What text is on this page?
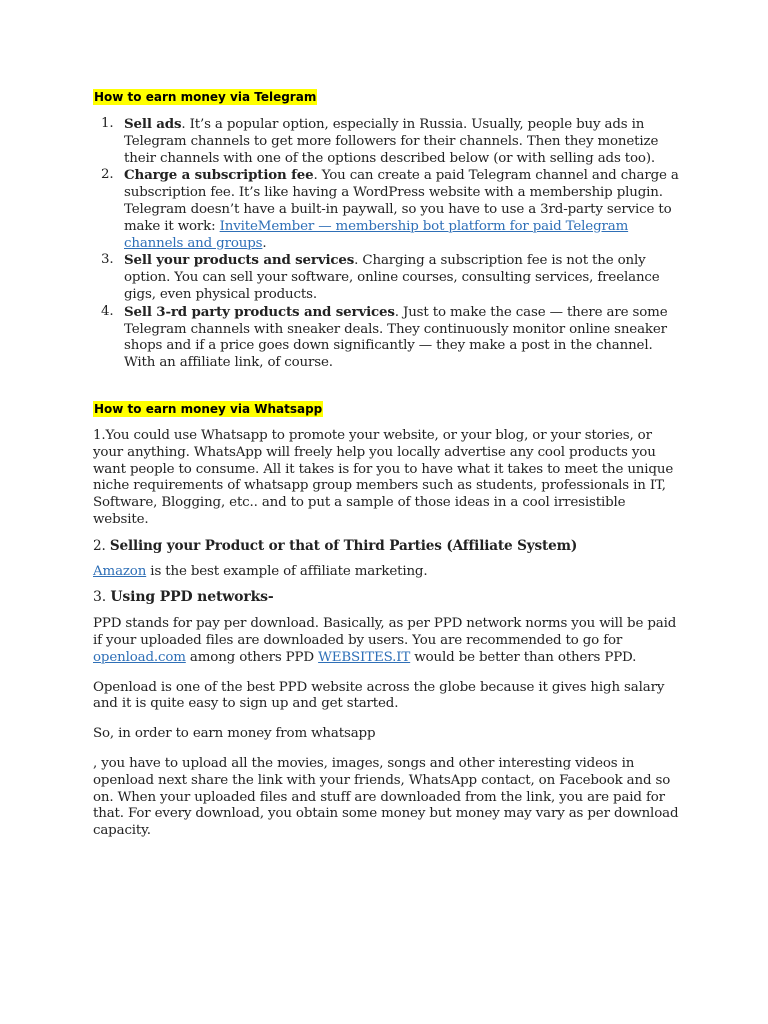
How to earn money via Telegram
1. Sell ads. It’s a popular option, especially in Russia. Usually, people buy ads in Telegram channels to get more followers for their channels. Then they monetize their channels with one of the options described below (or with selling ads too).
2. Charge a subscription fee. You can create a paid Telegram channel and charge a subscription fee. It’s like having a WordPress website with a membership plugin. Telegram doesn’t have a built-in paywall, so you have to use a 3rd-party service to make it work: InviteMember — membership bot platform for paid Telegram channels and groups.
3. Sell your products and services. Charging a subscription fee is not the only option. You can sell your software, online courses, consulting services, freelance gigs, even physical products.
4. Sell 3-rd party products and services. Just to make the case — there are some Telegram channels with sneaker deals. They continuously monitor online sneaker shops and if a price goes down significantly — they make a post in the channel. With an affiliate link, of course.
How to earn money via Whatsapp

1.You could use Whatsapp to promote your website, or your blog, or your stories, or your anything. WhatsApp will freely help you locally advertise any cool products you want people to consume. All it takes is for you to have what it takes to meet the unique niche requirements of whatsapp group members such as students, professionals in IT, Software, Blogging, etc.. and to put a sample of those ideas in a cool irresistible website.

2. Selling your Product or that of Third Parties (Affiliate System)

Amazon is the best example of affiliate marketing.

3. Using PPD networks-

PPD stands for pay per download. Basically, as per PPD network norms you will be paid if your uploaded files are downloaded by users. You are recommended to go for openload.com among others PPD WEBSITES.IT would be better than others PPD.

Openload is one of the best PPD website across the globe because it gives high salary and it is quite easy to sign up and get started.

So, in order to earn money from whatsapp

, you have to upload all the movies, images, songs and other interesting videos in openload next share the link with your friends, WhatsApp contact, on Facebook and so on. When your uploaded files and stuff are downloaded from the link, you are paid for that. For every download, you obtain some money but money may vary as per download capacity.
